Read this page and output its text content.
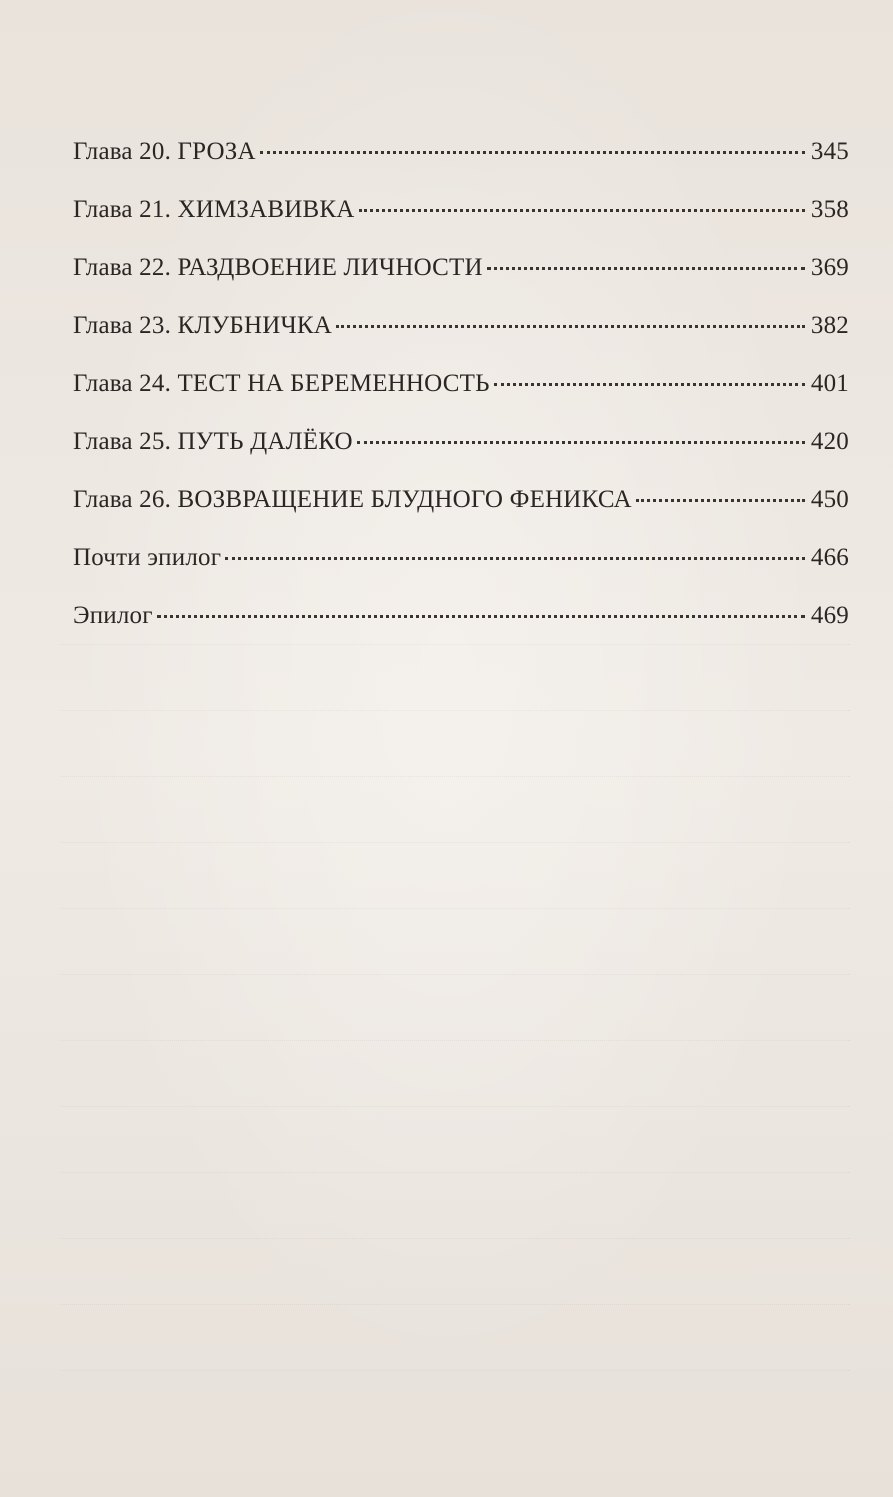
Глава 20. ГРОЗА	345
Глава 21. ХИМЗАВИВКА	358
Глава 22. РАЗДВОЕНИЕ ЛИЧНОСТИ	369
Глава 23. КЛУБНИЧКА	382
Глава 24. ТЕСТ НА БЕРЕМЕННОСТЬ	401
Глава 25. ПУТЬ ДАЛЁКО	420
Глава 26. ВОЗВРАЩЕНИЕ БЛУДНОГО ФЕНИКСА	450
Почти эпилог	466
Эпилог	469
